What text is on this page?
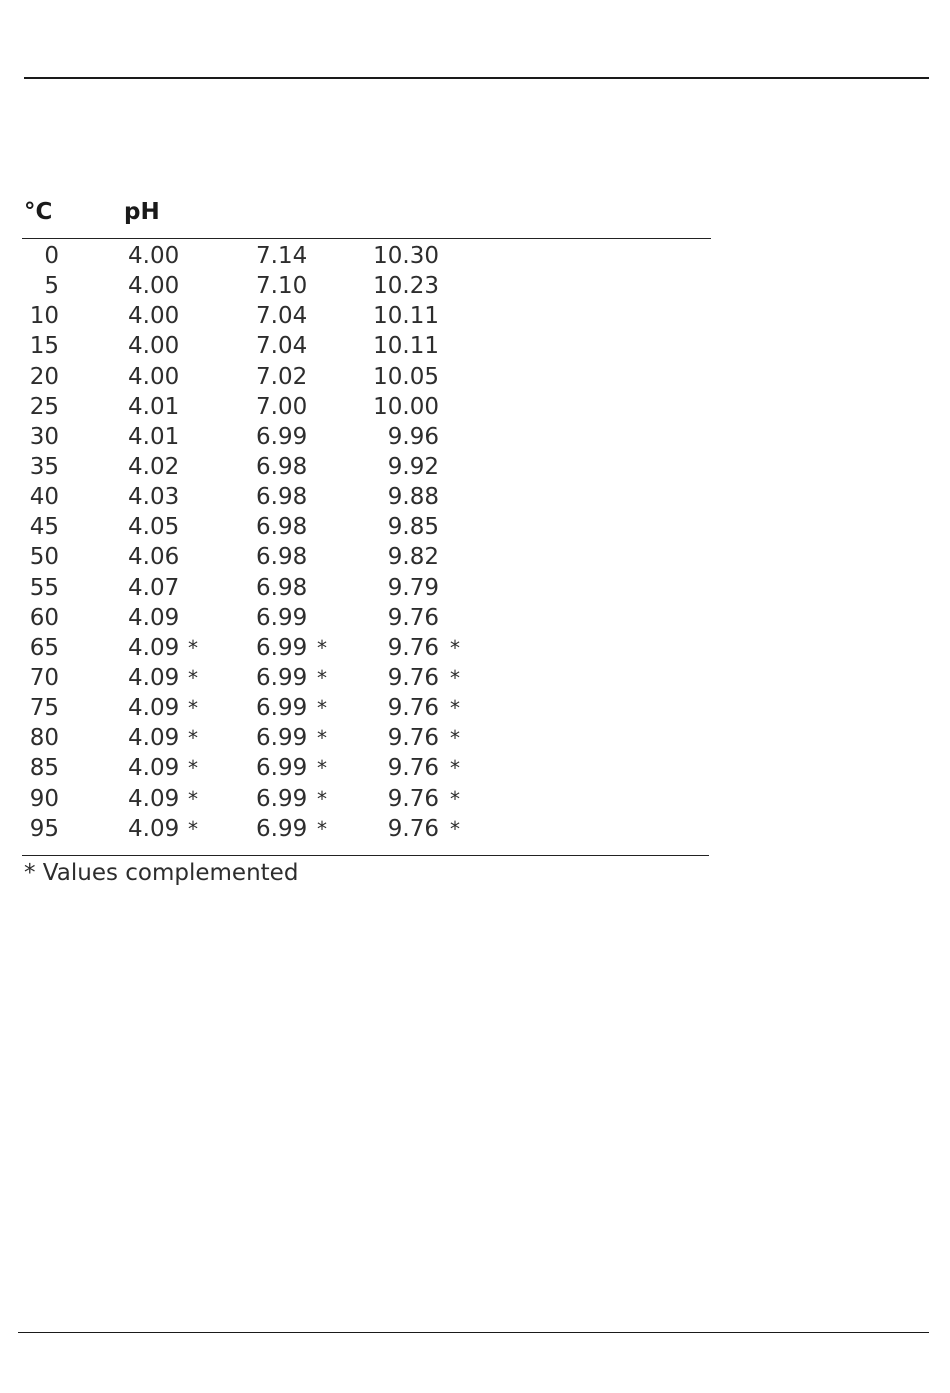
°C	pH
0	4.00	7.14	10.30
5	4.00	7.10	10.23
10	4.00	7.04	10.11
15	4.00	7.04	10.11
20	4.00	7.02	10.05
25	4.01	7.00	10.00
30	4.01	6.99	9.96
35	4.02	6.98	9.92
40	4.03	6.98	9.88
45	4.05	6.98	9.85
50	4.06	6.98	9.82
55	4.07	6.98	9.79
60	4.09	6.99	9.76
65	4.09 *	6.99 *	9.76 *
70	4.09 *	6.99 *	9.76 *
75	4.09 *	6.99 *	9.76 *
80	4.09 *	6.99 *	9.76 *
85	4.09 *	6.99 *	9.76 *
90	4.09 *	6.99 *	9.76 *
95	4.09 *	6.99 *	9.76 *
* Values complemented
